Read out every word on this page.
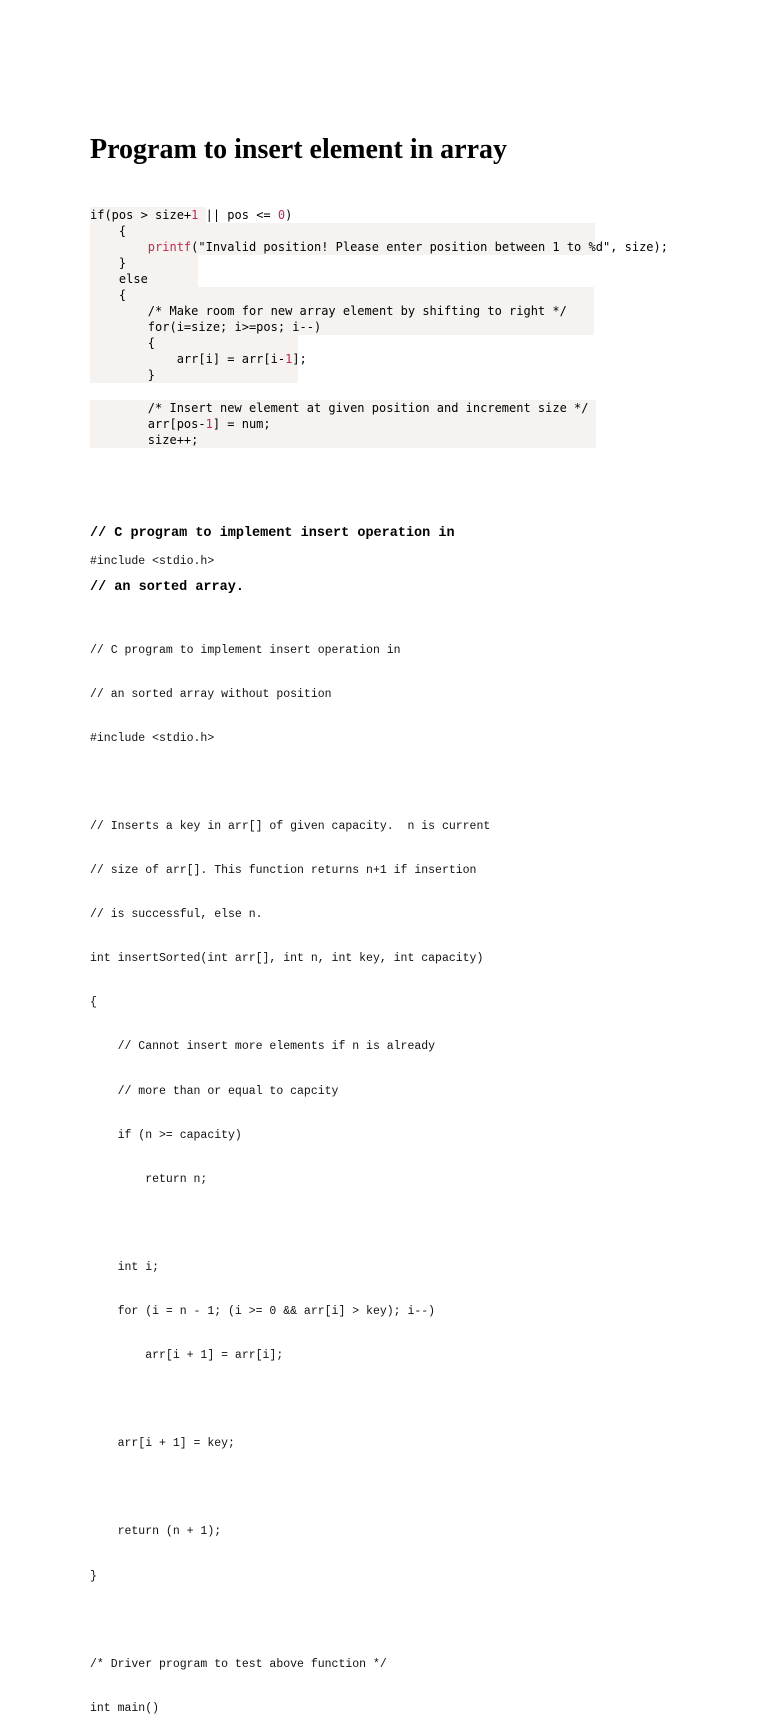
Program to insert element in array
if(pos > size+1 || pos <= 0)
{
printf("Invalid position! Please enter position between 1 to %d", size);
}
else
{
/* Make room for new array element by shifting to right */
for(i=size; i>=pos; i--)
{
arr[i] = arr[i-1];
}
/* Insert new element at given position and increment size */
arr[pos-1] = num;
size++;

// C program to implement insert operation in

// an sorted array.

#include <stdio.h>

// C program to implement insert operation in

// an sorted array without position

#include <stdio.h>

// Inserts a key in arr[] of given capacity.  n is current

// size of arr[]. This function returns n+1 if insertion

// is successful, else n.

int insertSorted(int arr[], int n, int key, int capacity)

{

// Cannot insert more elements if n is already

// more than or equal to capcity

if (n >= capacity)

return n;

int i;

for (i = n - 1; (i >= 0 && arr[i] > key); i--)

arr[i + 1] = arr[i];

arr[i + 1] = key;

return (n + 1);

}

/* Driver program to test above function */

int main()
